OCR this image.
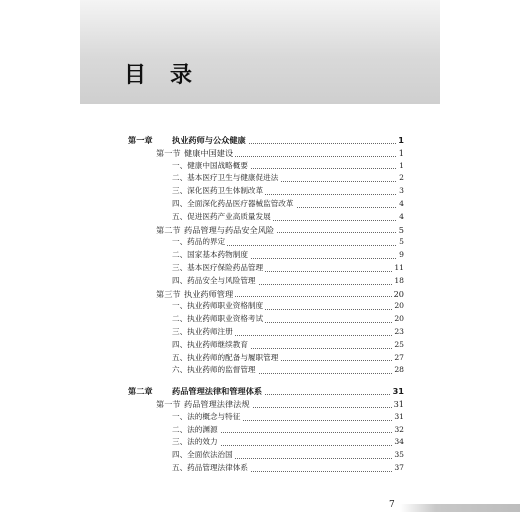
目录
第一章 执业药师与公众健康	1
第一节 健康中国建设	1
一、健康中国战略概要	1
二、基本医疗卫生与健康促进法	2
三、深化医药卫生体制改革	3
四、全面深化药品医疗器械监管改革	4
五、促进医药产业高质量发展	4
第二节 药品管理与药品安全风险	5
一、药品的界定	5
二、国家基本药物制度	9
三、基本医疗保险药品管理	11
四、药品安全与风险管理	18
第三节 执业药师管理	20
一、执业药师职业资格制度	20
二、执业药师职业资格考试	20
三、执业药师注册	23
四、执业药师继续教育	25
五、执业药师的配备与履职管理	27
六、执业药师的监督管理	28
第二章 药品管理法律和管理体系	31
第一节 药品管理法律法规	31
一、法的概念与特征	31
二、法的渊源	32
三、法的效力	34
四、全面依法治国	35
五、药品管理法律体系	37
7
